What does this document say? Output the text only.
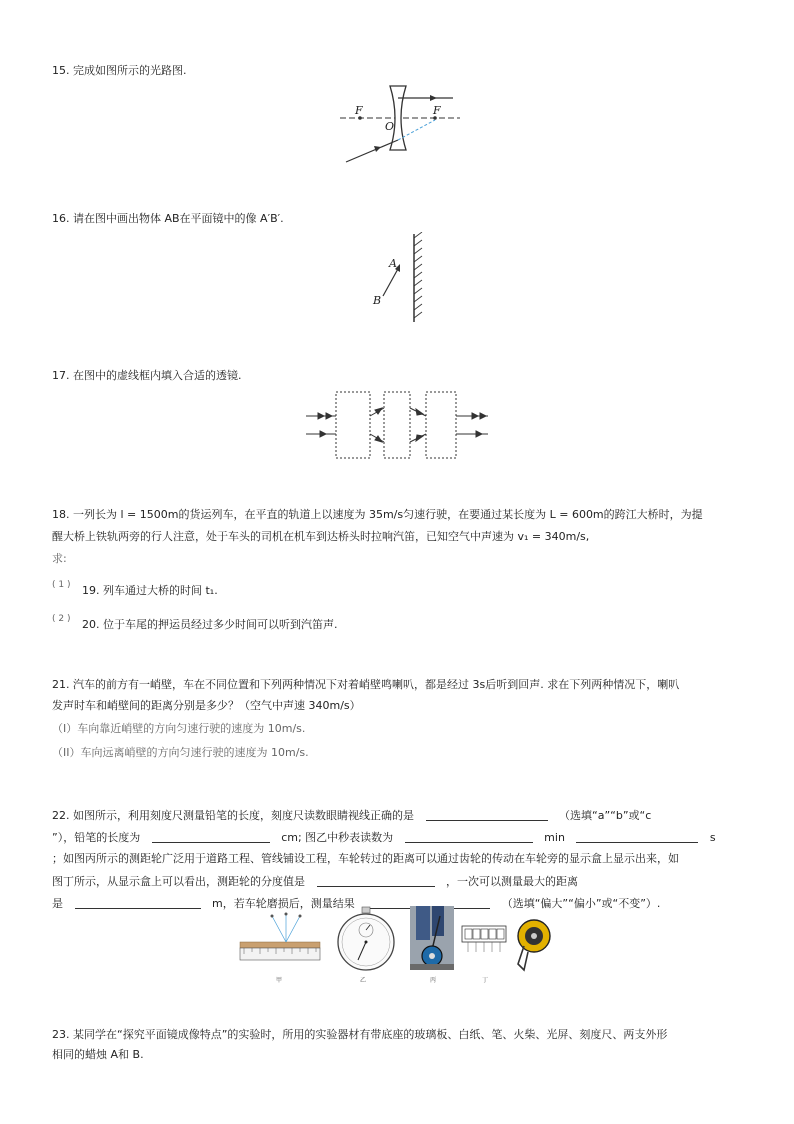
15. 完成如图所示的光路图.
F	F
O
16. 请在图中画出物体 AB在平面镜中的像 A′B′.
A
B
17. 在图中的虚线框内填入合适的透镜.
18. 一列长为 l = 1500m的货运列车，在平直的轨道上以速度为 35m/s匀速行驶，在要通过某长度为 L = 600m的跨江大桥时，为提
醒大桥上铁轨两旁的行人注意，处于车头的司机在机车到达桥头时拉响汽笛，已知空气中声速为 v₁ = 340m/s,
求:
( 1 ) 19. 列车通过大桥的时间 t₁.
( 2 ) 20. 位于车尾的押运员经过多少时间可以听到汽笛声.
21. 汽车的前方有一峭壁，车在不同位置和下列两种情况下对着峭壁鸣喇叭，都是经过 3s后听到回声. 求在下列两种情况下，喇叭
发声时车和峭壁间的距离分别是多少？（空气中声速 340m/s）
（I）车向靠近峭壁的方向匀速行驶的速度为 10m/s.
（II）车向远离峭壁的方向匀速行驶的速度为 10m/s.
22. 如图所示，利用刻度尺测量铅笔的长度，刻度尺读数眼睛视线正确的是	（选填“a”“b”或“c
”），铅笔的长度为	cm; 图乙中秒表读数为	min	s
；如图丙所示的测距轮广泛用于道路工程、管线铺设工程，车轮转过的距离可以通过齿轮的传动在车轮旁的显示盒上显示出来，如
图丁所示，从显示盒上可以看出，测距轮的分度值是	，一次可以测量最大的距离
是	m，若车轮磨损后，测量结果	（选填“偏大”“偏小”或“不变”）.
甲	乙	丙	丁
23. 某同学在“探究平面镜成像特点”的实验时，所用的实验器材有带底座的玻璃板、白纸、笔、火柴、光屏、刻度尺、两支外形
相同的蜡烛 A和 B.
